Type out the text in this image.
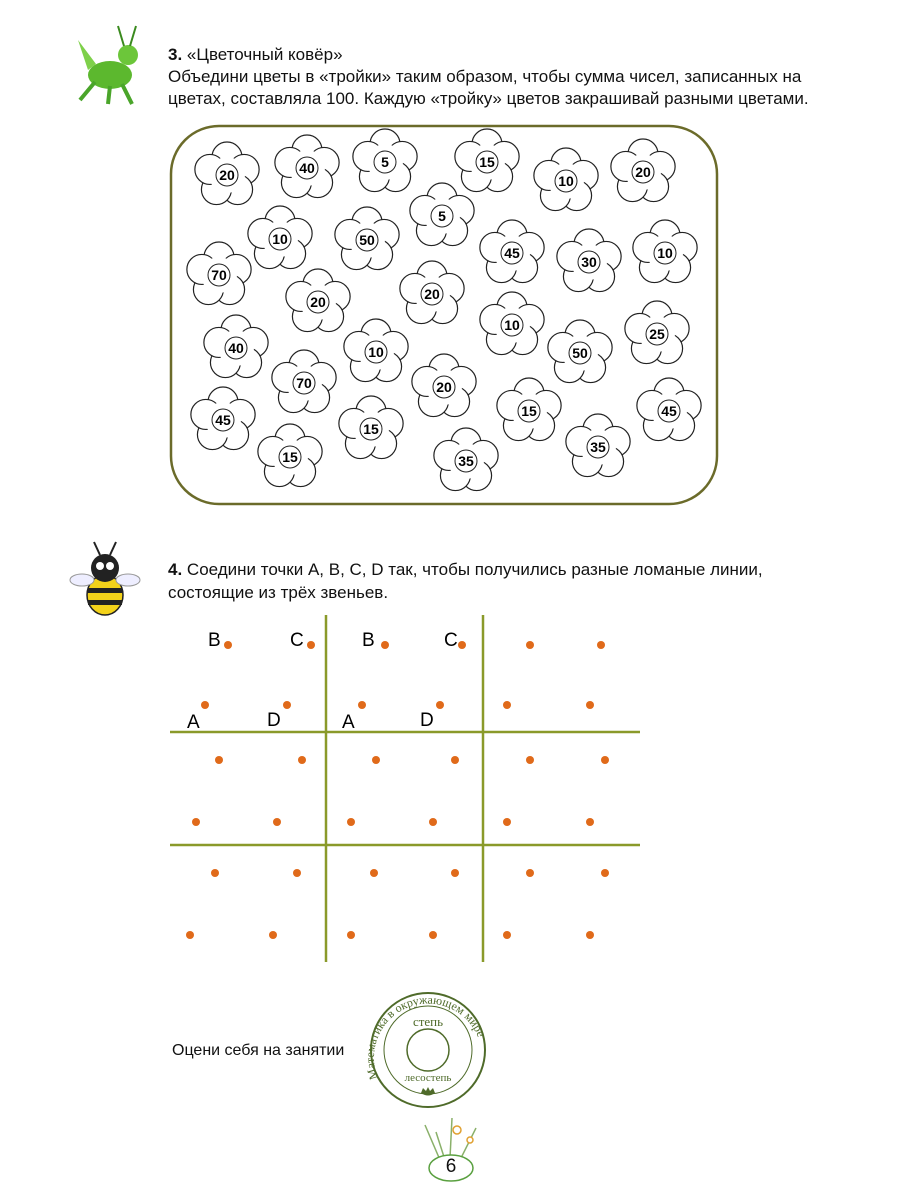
20	40	5	15
10
20
5
10	50
45
30
10
70
20
20
10
25
40	10	50
70	20
45
15	45
15
35
15	35
B	C	B	C
A	D	A	D
Математика в окружающем мире
степь
лесостепь
3. «Цветочный ковёр»
Объедини цветы в «тройки» таким образом, чтобы сумма чисел, записанных на
цветах, составляла 100. Каждую «тройку» цветов закрашивай разными цветами.
4. Соедини точки A, B, C, D так, чтобы получились разные ломаные линии,
состоящие из трёх звеньев.
Оцени себя на занятии
6
